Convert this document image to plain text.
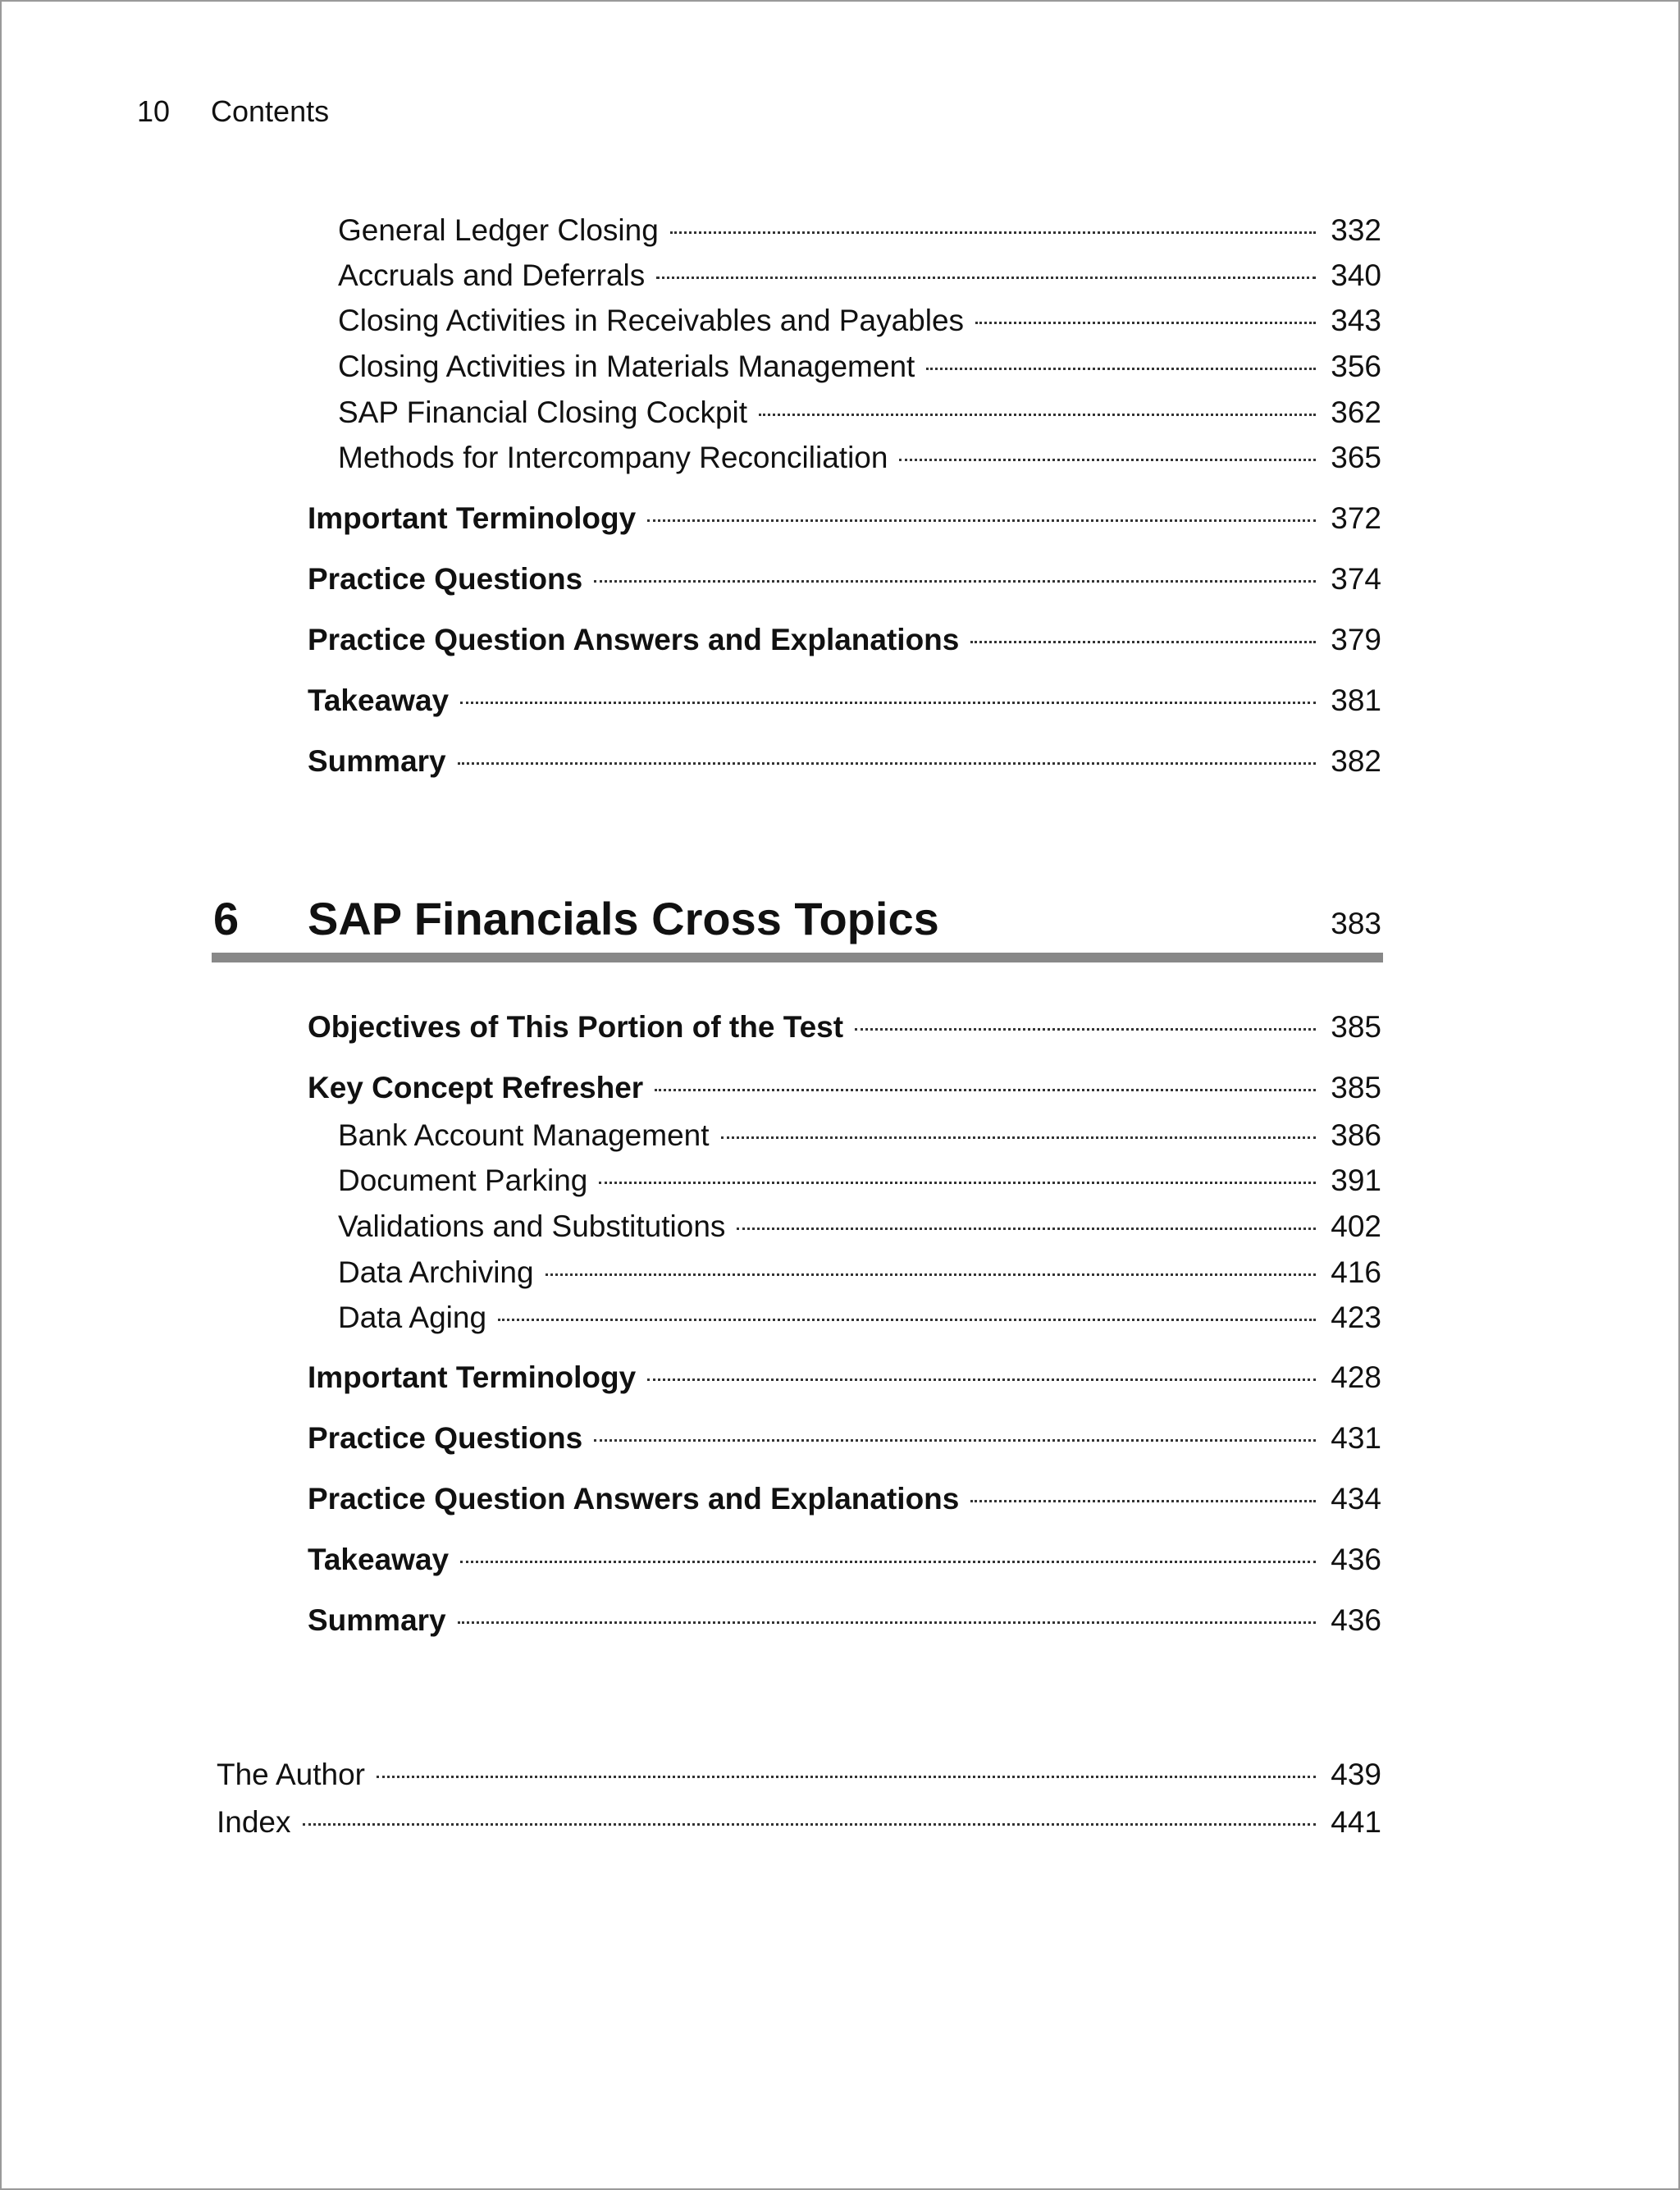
10 Contents
General Ledger Closing	332
Accruals and Deferrals	340
Closing Activities in Receivables and Payables	343
Closing Activities in Materials Management	356
SAP Financial Closing Cockpit	362
Methods for Intercompany Reconciliation	365
Important Terminology	372
Practice Questions	374
Practice Question Answers and Explanations	379
Takeaway	381
Summary	382
6 SAP Financials Cross Topics	383
Objectives of This Portion of the Test	385
Key Concept Refresher	385
Bank Account Management	386
Document Parking	391
Validations and Substitutions	402
Data Archiving	416
Data Aging	423
Important Terminology	428
Practice Questions	431
Practice Question Answers and Explanations	434
Takeaway	436
Summary	436
The Author	439
Index	441
